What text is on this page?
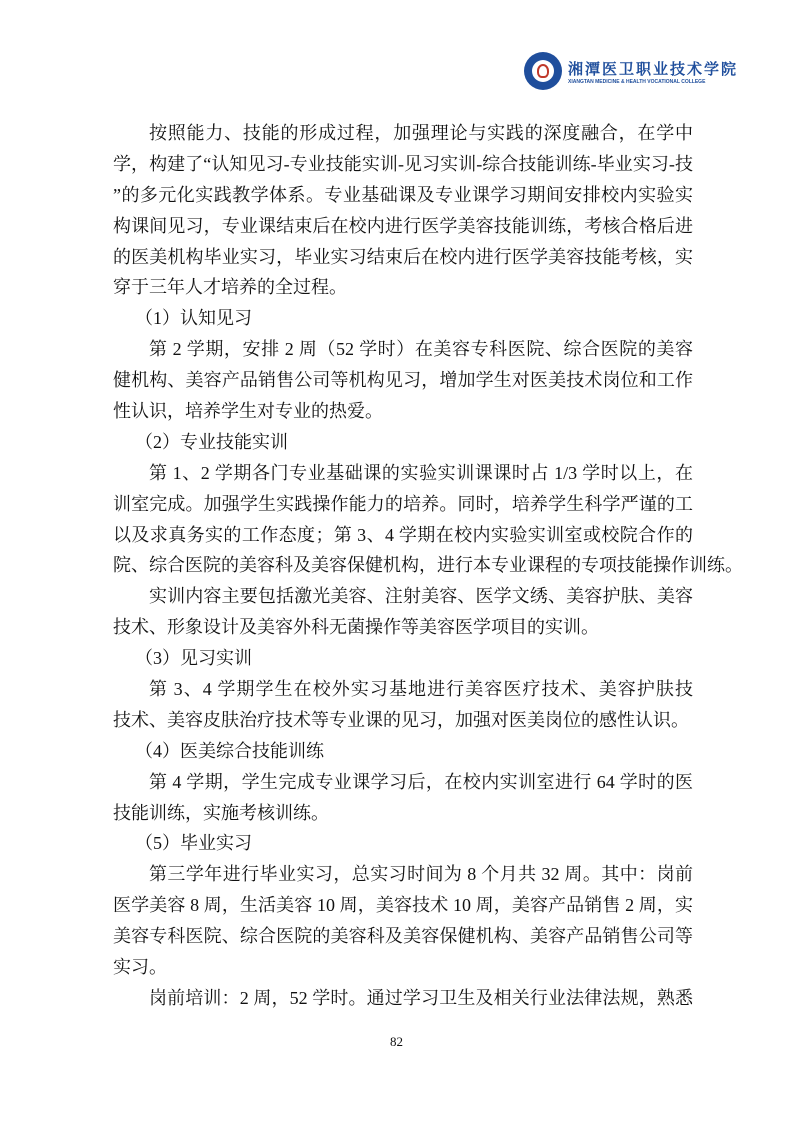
湘潭医卫职业技术学院
XIANGTAN MEDICINE & HEALTH VOCATIONAL COLLEGE
按照能力、技能的形成过程，加强理论与实践的深度融合，在学中
学，构建了“认知见习-专业技能实训-见习实训-综合技能训练-毕业实习-技
”的多元化实践教学体系。专业基础课及专业课学习期间安排校内实验实
构课间见习，专业课结束后在校内进行医学美容技能训练，考核合格后进
的医美机构毕业实习，毕业实习结束后在校内进行医学美容技能考核，实
穿于三年人才培养的全过程。
（1）认知见习
第 2 学期，安排 2 周（52 学时）在美容专科医院、综合医院的美容
健机构、美容产品销售公司等机构见习，增加学生对医美技术岗位和工作
性认识，培养学生对专业的热爱。
（2）专业技能实训
第 1、2 学期各门专业基础课的实验实训课课时占 1/3 学时以上，在
训室完成。加强学生实践操作能力的培养。同时，培养学生科学严谨的工
以及求真务实的工作态度；第 3、4 学期在校内实验实训室或校院合作的
院、综合医院的美容科及美容保健机构，进行本专业课程的专项技能操作训练。
实训内容主要包括激光美容、注射美容、医学文绣、美容护肤、美容
技术、形象设计及美容外科无菌操作等美容医学项目的实训。
（3）见习实训
第 3、4 学期学生在校外实习基地进行美容医疗技术、美容护肤技
技术、美容皮肤治疗技术等专业课的见习，加强对医美岗位的感性认识。
（4）医美综合技能训练
第 4 学期，学生完成专业课学习后，在校内实训室进行 64 学时的医
技能训练，实施考核训练。
（5）毕业实习
第三学年进行毕业实习，总实习时间为 8 个月共 32 周。其中：岗前
医学美容 8 周，生活美容 10 周，美容技术 10 周，美容产品销售 2 周，实
美容专科医院、综合医院的美容科及美容保健机构、美容产品销售公司等
实习。
岗前培训：2 周，52 学时。通过学习卫生及相关行业法律法规，熟悉
82
